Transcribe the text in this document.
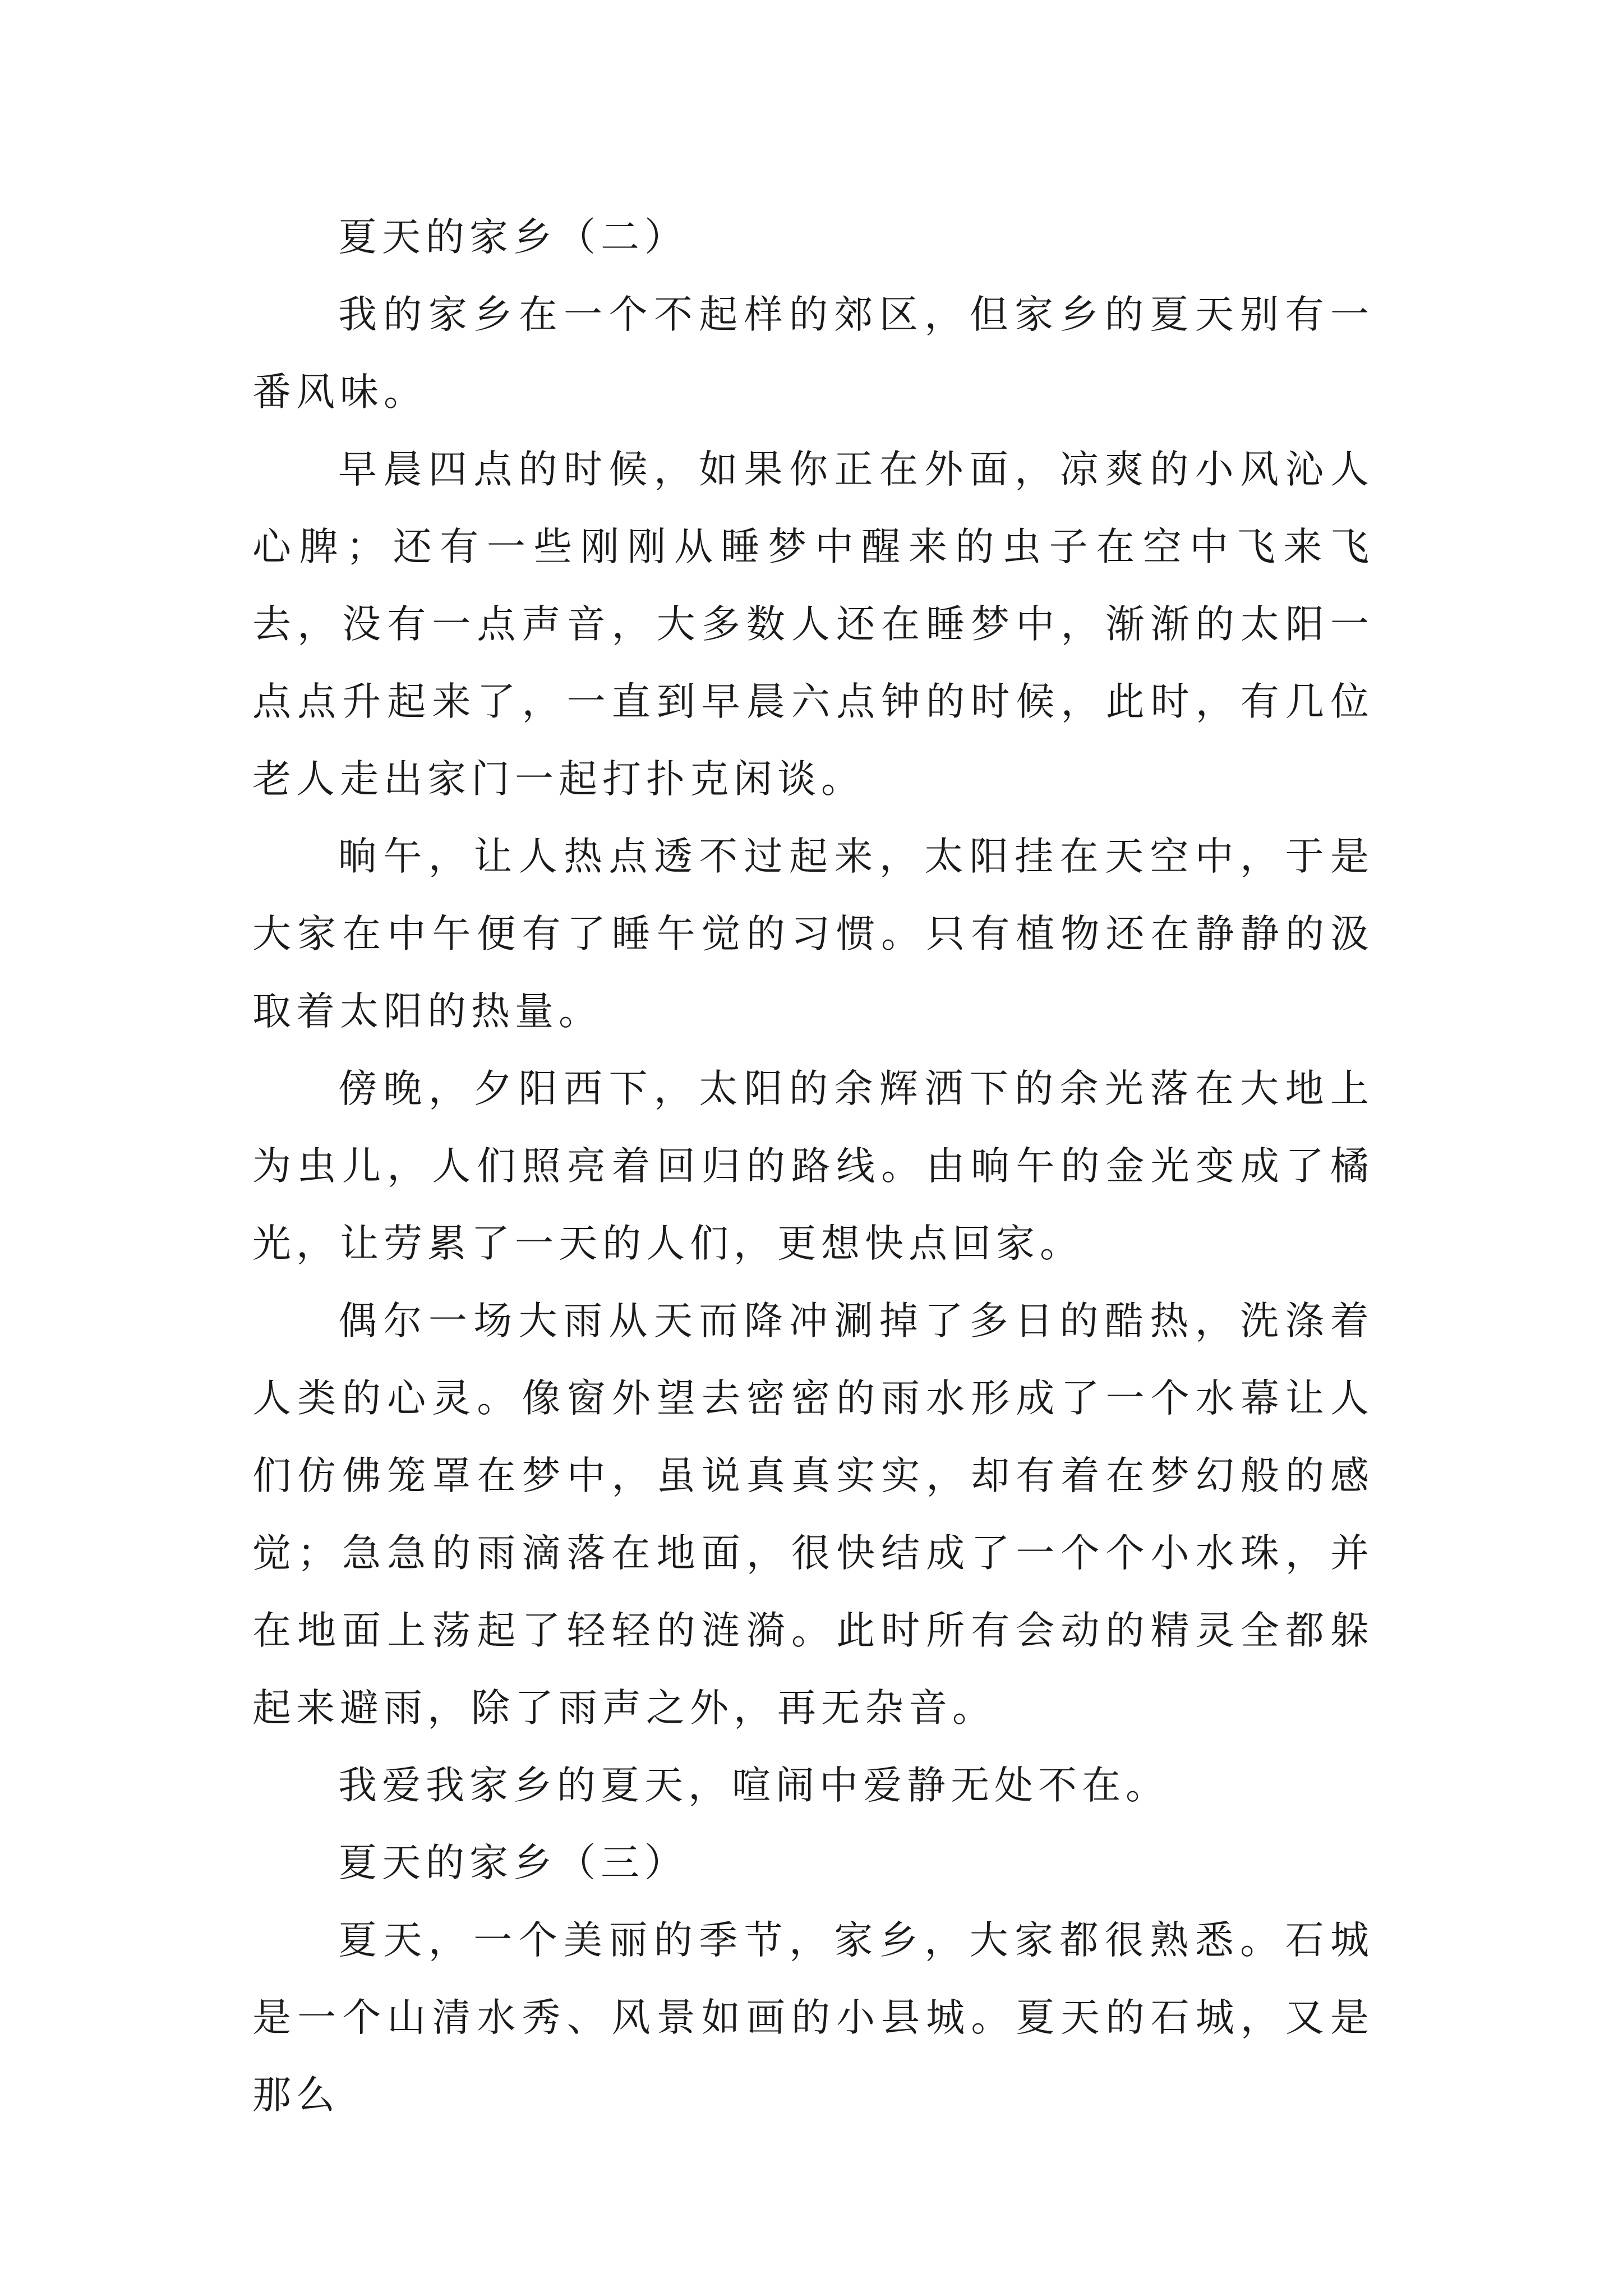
夏天的家乡（二）

我的家乡在一个不起样的郊区，但家乡的夏天别有一番风味。

早晨四点的时候，如果你正在外面，凉爽的小风沁人心脾；还有一些刚刚从睡梦中醒来的虫子在空中飞来飞去，没有一点声音，大多数人还在睡梦中，渐渐的太阳一点点升起来了，一直到早晨六点钟的时候，此时，有几位老人走出家门一起打扑克闲谈。

晌午，让人热点透不过起来，太阳挂在天空中，于是大家在中午便有了睡午觉的习惯。只有植物还在静静的汲取着太阳的热量。

傍晚，夕阳西下，太阳的余辉洒下的余光落在大地上为虫儿，人们照亮着回归的路线。由晌午的金光变成了橘光，让劳累了一天的人们，更想快点回家。

偶尔一场大雨从天而降冲涮掉了多日的酷热，洗涤着人类的心灵。像窗外望去密密的雨水形成了一个水幕让人们仿佛笼罩在梦中，虽说真真实实，却有着在梦幻般的感觉；急急的雨滴落在地面，很快结成了一个个小水珠，并在地面上荡起了轻轻的涟漪。此时所有会动的精灵全都躲起来避雨，除了雨声之外，再无杂音。

我爱我家乡的夏天，喧闹中爱静无处不在。

夏天的家乡（三）

夏天，一个美丽的季节，家乡，大家都很熟悉。石城是一个山清水秀、风景如画的小县城。夏天的石城，又是那么
